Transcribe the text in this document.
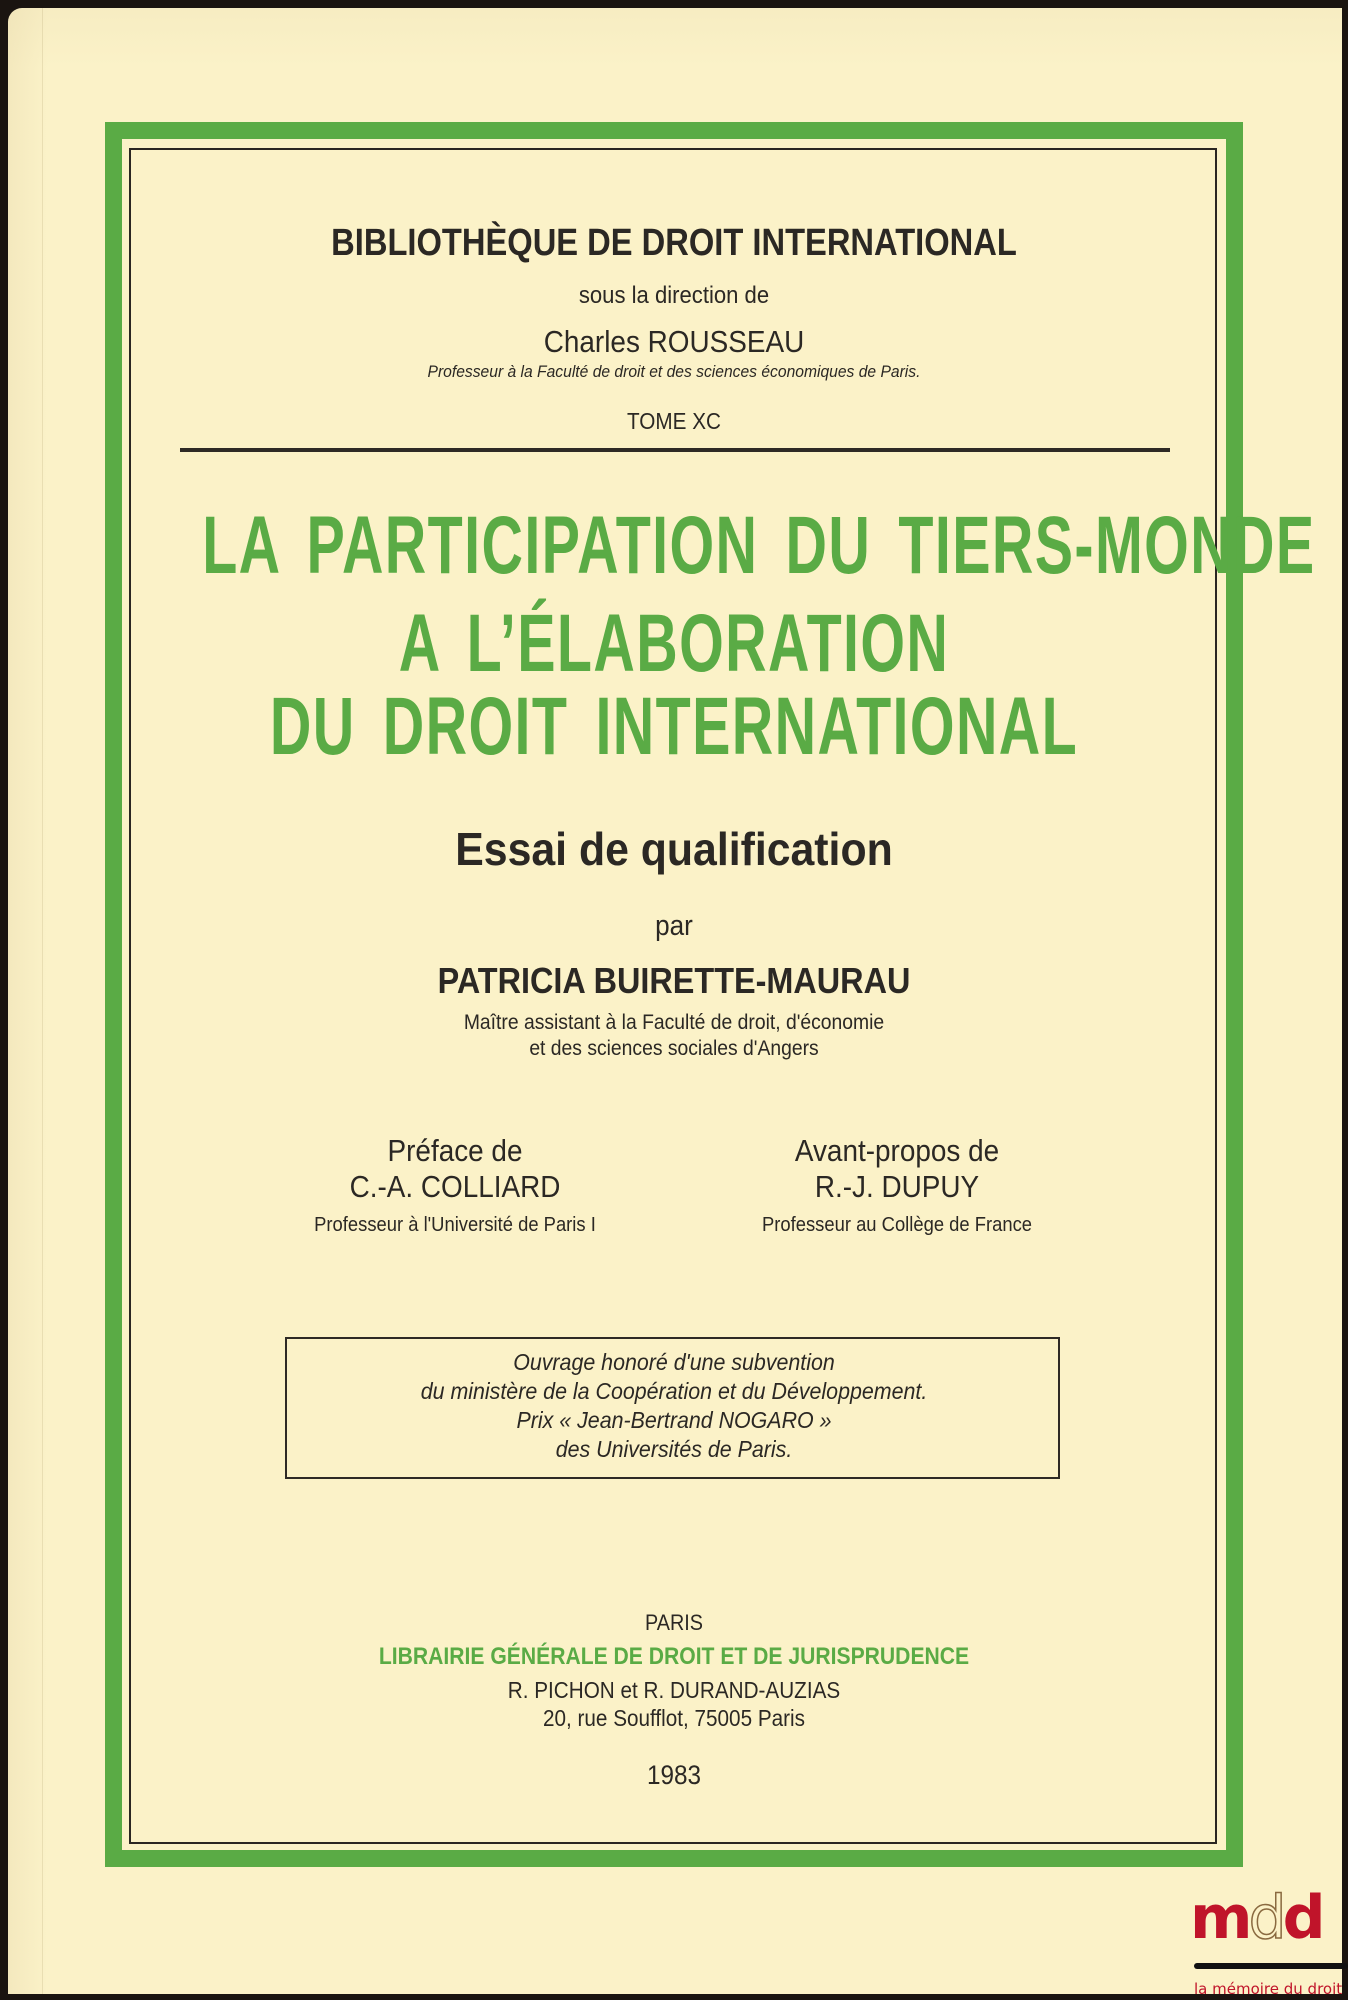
BIBLIOTHÈQUE DE DROIT INTERNATIONAL
sous la direction de
Charles ROUSSEAU
Professeur à la Faculté de droit et des sciences économiques de Paris.
TOME XC
LA PARTICIPATION DU TIERS-MONDE
A L’ÉLABORATION
DU DROIT INTERNATIONAL
Essai de qualification
par
PATRICIA BUIRETTE-MAURAU
Maître assistant à la Faculté de droit, d'économie
et des sciences sociales d'Angers
Préface de
C.-A. COLLIARD
Professeur à l'Université de Paris I
Avant-propos de
R.-J. DUPUY
Professeur au Collège de France
Ouvrage honoré d'une subvention
du ministère de la Coopération et du Développement.
Prix « Jean-Bertrand NOGARO »
des Universités de Paris.
PARIS
LIBRAIRIE GÉNÉRALE DE DROIT ET DE JURISPRUDENCE
R. PICHON et R. DURAND-AUZIAS
20, rue Soufflot, 75005 Paris
1983
mdd
la mémoire du droit
